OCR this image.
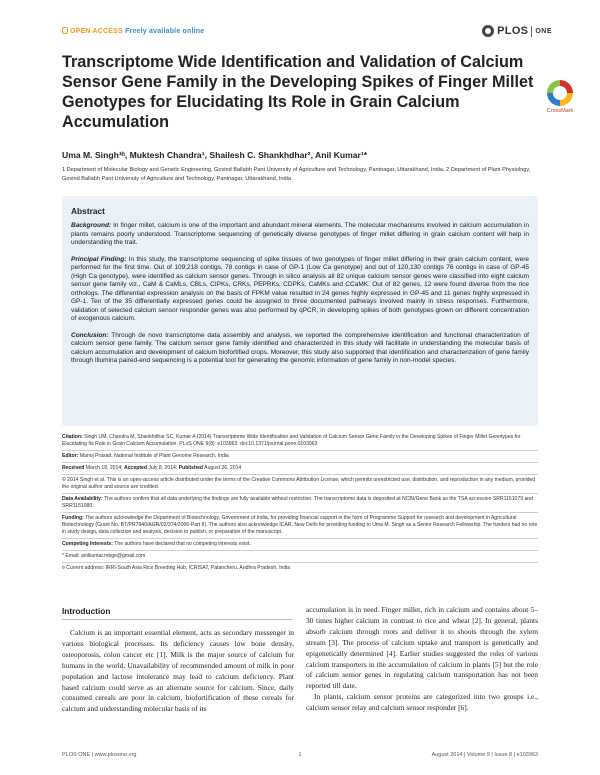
OPEN ACCESS Freely available online	PLOS ONE
Transcriptome Wide Identification and Validation of Calcium Sensor Gene Family in the Developing Spikes of Finger Millet Genotypes for Elucidating Its Role in Grain Calcium Accumulation
CrossMark
Uma M. Singh¹ʰ, Muktesh Chandra¹, Shailesh C. Shankhdhar², Anil Kumar¹*
1 Department of Molecular Biology and Genetic Engineering, Govind Ballabh Pant University of Agriculture and Technology, Pantnagar, Uttarakhand, India, 2 Department of Plant Physiology, Govind Ballabh Pant University of Agriculture and Technology, Pantnagar, Uttarakhand, India
Abstract

Background: In finger millet, calcium is one of the important and abundant mineral elements. The molecular mechanisms involved in calcium accumulation in plants remains poorly understood. Transcriptome sequencing of genetically diverse genotypes of finger millet differing in grain calcium content will help in understanding the trait.

Principal Finding: In this study, the transcriptome sequencing of spike tissues of two genotypes of finger millet differing in their grain calcium content, were performed for the first time. Out of 109,218 contigs, 78 contigs in case of GP-1 (Low Ca genotype) and out of 120,130 contigs 76 contigs in case of GP-45 (High Ca genotype), were identified as calcium sensor genes. Through in silico analysis all 82 unique calcium sensor genes were classified into eight calcium sensor gene family viz., CaM & CaMLs, CBLs, CIPKs, CRKs, PEPRKs, CDPKs, CaMKs and CCaMK. Out of 82 genes, 12 were found diverse from the rice orthologs. The differential expression analysis on the basis of FPKM value resulted in 24 genes highly expressed in GP-45 and 11 genes highly expressed in GP-1. Ten of the 35 differentially expressed genes could be assigned to three documented pathways involved mainly in stress responses. Furthermore, validation of selected calcium sensor responder genes was also performed by qPCR, in developing spikes of both genotypes grown on different concentration of exogenous calcium.

Conclusion: Through de novo transcriptome data assembly and analysis, we reported the comprehensive identification and functional characterization of calcium sensor gene family. The calcium sensor gene family identified and characterized in this study will facilitate in understanding the molecular basis of calcium accumulation and development of calcium biofortified crops. Moreover, this study also supported that identification and characterization of gene family through Illumina paired-end sequencing is a potential tool for generating the genomic information of gene family in non-model species.

Citation: Singh UM, Chandra M, Shankhdhar SC, Kumar A (2014) Transcriptome Wide Identification and Validation of Calcium Sensor Gene Family in the Developing Spikes of Finger Millet Genotypes for Elucidating Its Role in Grain Calcium Accumulation. PLoS ONE 9(8): e103963. doi:10.1371/journal.pone.0103963

Editor: Manoj Prasad, National Institute of Plant Genome Research, India

Received March 18, 2014; Accepted July 8, 2014; Published August 26, 2014

© 2014 Singh et al. This is an open-access article distributed under the terms of the Creative Commons Attribution License, which permits unrestricted use, distribution, and reproduction in any medium, provided the original author and source are credited.

Data Availability: The authors confirm that all data underlying the findings are fully available without restriction. The transcriptome data is deposited at NCBI/Gene Bank as the TSA accession SRR1151079 and SRR1151080.

Funding: The authors acknowledge the Department of Biotechnology, Government of India, for providing financial support in the form of Programme Support for research and development in Agricultural Biotechnology (Grant No. BT/PR7840/AGR/02/374/2006-Part II). The authors also acknowledge ICAR, New Delhi for providing funding to Uma M. Singh as a Senior Research Fellowship. The funders had no role in study design, data collection and analysis, decision to publish, or preparation of the manuscript.

Competing Interests: The authors have declared that no competing interests exist.

* Email: anilkumar.mbge@gmail.com

¤ Current address: IRRI-South Asia Rice Breeding Hub, ICRISAT, Patancheru, Andhra Pradesh, India

Introduction
Calcium is an important essential element, acts as secondary messenger in various biological processes. Its deficiency causes low bone density, osteoporosis, colon cancer etc [1]. Milk is the major source of calcium for humans in the world. Unavailability of recommended amount of milk in poor population and lactose intolerance may lead to calcium deficiency. Plant based calcium could serve as an alternate source for calcium. Since, daily consumed cereals are poor in calcium, biofortification of these cereals for calcium and understanding molecular basis of its
accumulation is in need. Finger millet, rich in calcium and contains about 5–30 times higher calcium in contrast to rice and wheat [2]. In general, plants absorb calcium through roots and deliver it to shoots through the xylem stream [3]. The process of calcium uptake and transport is genetically and epigenetically determined [4]. Earlier studies suggested the roles of various calcium transporters in the accumulation of calcium in plants [5] but the role of calcium sensor genes in regulating calcium transportation has not been reported till date.
In plants, calcium sensor proteins are categorized into two groups i.e., calcium sensor relay and calcium sensor responder [6].
PLOS ONE | www.plosone.org	1	August 2014 | Volume 9 | Issue 8 | e103963
